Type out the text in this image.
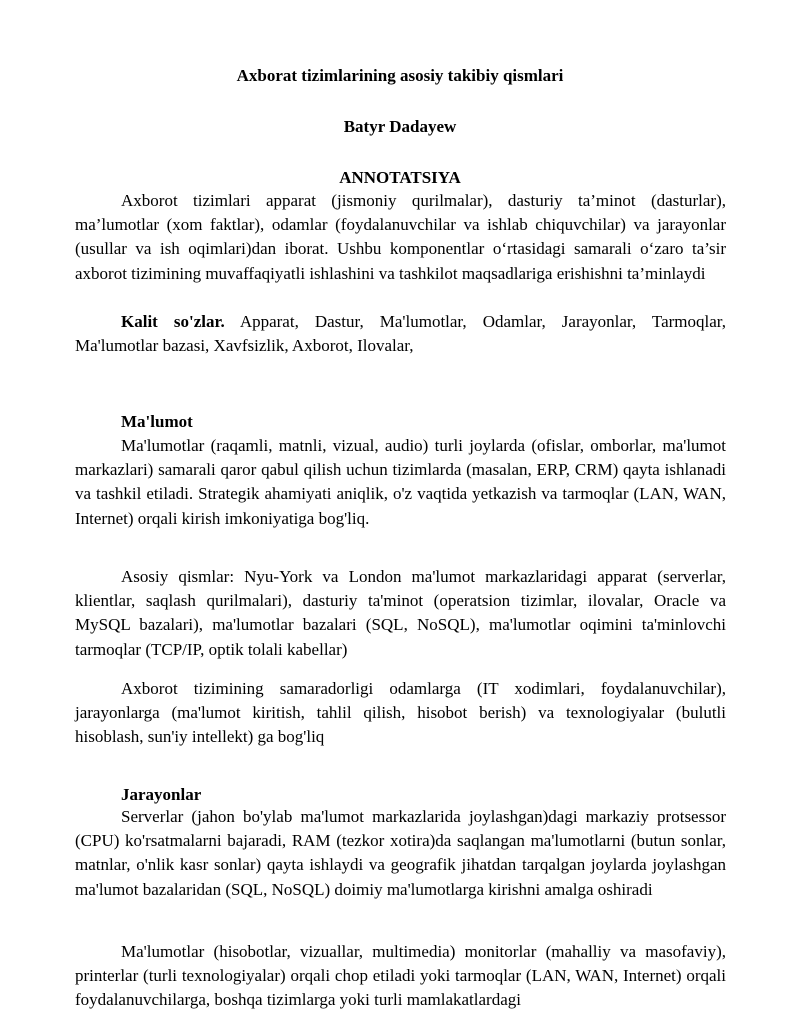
Axborat tizimlarining asosiy takibiy qismlari

Batyr Dadayew

ANNOTATSIYA

Axborot tizimlari apparat (jismoniy qurilmalar), dasturiy ta’minot (dasturlar), ma’lumotlar (xom faktlar), odamlar (foydalanuvchilar va ishlab chiquvchilar) va jarayonlar (usullar va ish oqimlari)dan iborat. Ushbu komponentlar o‘rtasidagi samarali o‘zaro ta’sir axborot tizimining muvaffaqiyatli ishlashini va tashkilot maqsadlariga erishishni ta’minlaydi

Kalit so'zlar. Apparat, Dastur, Ma'lumotlar, Odamlar, Jarayonlar, Tarmoqlar, Ma'lumotlar bazasi, Xavfsizlik, Axborot, Ilovalar,

Ma'lumot

Ma'lumotlar (raqamli, matnli, vizual, audio) turli joylarda (ofislar, omborlar, ma'lumot markazlari) samarali qaror qabul qilish uchun tizimlarda (masalan, ERP, CRM) qayta ishlanadi va tashkil etiladi. Strategik ahamiyati aniqlik, o'z vaqtida yetkazish va tarmoqlar (LAN, WAN, Internet) orqali kirish imkoniyatiga bog'liq.

Asosiy qismlar: Nyu-York va London ma'lumot markazlaridagi apparat (serverlar, klientlar, saqlash qurilmalari), dasturiy ta'minot (operatsion tizimlar, ilovalar, Oracle va MySQL bazalari), ma'lumotlar bazalari (SQL, NoSQL), ma'lumotlar oqimini ta'minlovchi tarmoqlar (TCP/IP, optik tolali kabellar)

Axborot tizimining samaradorligi odamlarga (IT xodimlari, foydalanuvchilar), jarayonlarga (ma'lumot kiritish, tahlil qilish, hisobot berish) va texnologiyalar (bulutli hisoblash, sun'iy intellekt) ga bog'liq

Jarayonlar

Serverlar (jahon bo'ylab ma'lumot markazlarida joylashgan)dagi markaziy protsessor (CPU) ko'rsatmalarni bajaradi, RAM (tezkor xotira)da saqlangan ma'lumotlarni (butun sonlar, matnlar, o'nlik kasr sonlar) qayta ishlaydi va geografik jihatdan tarqalgan joylarda joylashgan ma'lumot bazalaridan (SQL, NoSQL) doimiy ma'lumotlarga kirishni amalga oshiradi

Ma'lumotlar (hisobotlar, vizuallar, multimedia) monitorlar (mahalliy va masofaviy), printerlar (turli texnologiyalar) orqali chop etiladi yoki tarmoqlar (LAN, WAN, Internet) orqali foydalanuvchilarga, boshqa tizimlarga yoki turli mamlakatlardagi
